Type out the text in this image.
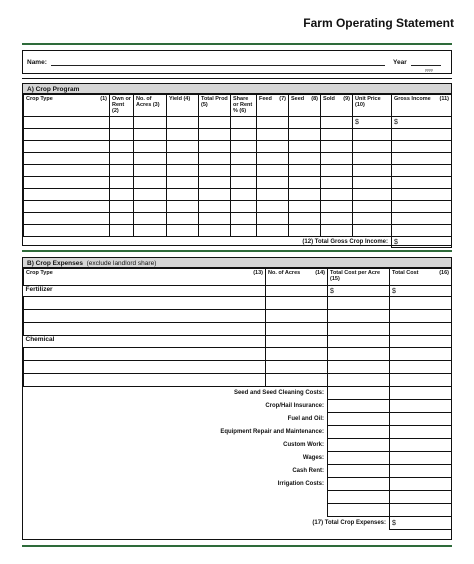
Farm Operating Statement
Name:	Year
yyyy
A) Crop Program
Crop Type (1)	Own or Rent (2)	No. of Acres (3)	Yield (4)	Total Prod (5)	Share or Rent % (6)	Feed (7)	Seed (8)	Sold (9)	Unit Price (10)	Gross Income (11)

									$	$

(12) Total Gross Crop Income:										$
B) Crop Expenses (exclude landlord share)
Crop Type (13)	No. of Acres (14)	Total Cost per Acre (15)	Total Cost (16)

Fertilizer		$	$

Chemical			

Seed and Seed Cleaning Costs:			
Crop/Hail Insurance:			
Fuel and Oil:			
Equipment Repair and Maintenance:			
Custom Work:			
Wages:			
Cash Rent:			
Irrigation Costs:			

(17) Total Crop Expenses:			$
